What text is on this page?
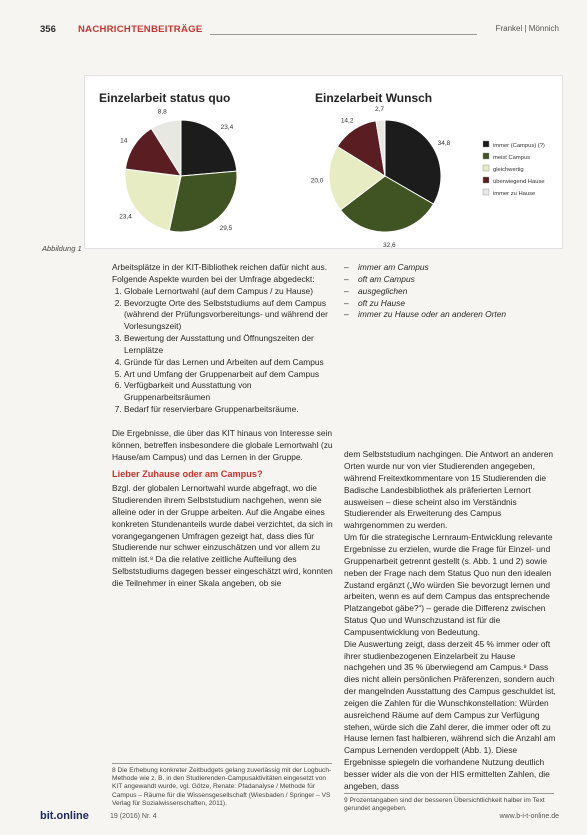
356 NACHRICHTENBEITRÄGE	Frankel | Mönnich
Einzelarbeit status quo
23,4
29,5
23,4
14
8,8
Einzelarbeit Wunsch
34,8
32,6
20,0
14,2
2,7
immer (Campus) (?)
meist Campus
gleichwertig
überwiegend Hause
immer zu Hause
Abbildung 1

Arbeitsplätze in der KIT-Bibliothek reichen dafür nicht aus.

Folgende Aspekte wurden bei der Umfrage abgedeckt:

1. Globale Lernortwahl (auf dem Campus / zu Hause)
2. Bevorzugte Orte des Selbststudiums auf dem Campus (während der Prüfungsvorbereitungs- und während der Vorlesungszeit)
3. Bewertung der Ausstattung und Öffnungszeiten der Lernplätze
4. Gründe für das Lernen und Arbeiten auf dem Campus
5. Art und Umfang der Gruppenarbeit auf dem Campus
6. Verfügbarkeit und Ausstattung von Gruppenarbeitsräumen
7. Bedarf für reservierbare Gruppenarbeitsräume.

Die Ergebnisse, die über das KIT hinaus von Interesse sein können, betreffen insbesondere die globale Lernortwahl (zu Hause/am Campus) und das Lernen in der Gruppe.

Lieber Zuhause oder am Campus?

Bzgl. der globalen Lernortwahl wurde abgefragt, wo die Studierenden ihrem Selbststudium nachgehen, wenn sie alleine oder in der Gruppe arbeiten. Auf die Angabe eines konkreten Stundenanteils wurde dabei verzichtet, da sich in vorangegangenen Umfragen gezeigt hat, dass dies für Studierende nur schwer einzuschätzen und vor allem zu mitteln ist.⁸ Da die relative zeitliche Aufteilung des Selbststudiums dagegen besser eingeschätzt wird, konnten die Teilnehmer in einer Skala angeben, ob sie

– immer am Campus
– oft am Campus
– ausgeglichen
– oft zu Hause
– immer zu Hause oder an anderen Orten

dem Selbststudium nachgingen. Die Antwort an anderen Orten wurde nur von vier Studierenden angegeben, während Freitextkommentare von 15 Studierenden die Badische Landesbibliothek als präferierten Lernort ausweisen – diese scheint also im Verständnis Studierender als Erweiterung des Campus wahrgenommen zu werden.

Um für die strategische Lernraum-Entwicklung relevante Ergebnisse zu erzielen, wurde die Frage für Einzel- und Gruppenarbeit getrennt gestellt (s. Abb. 1 und 2) sowie neben der Frage nach dem Status Quo nun den idealen Zustand ergänzt („Wo würden Sie bevorzugt lernen und arbeiten, wenn es auf dem Campus das entsprechende Platzangebot gäbe?“) – gerade die Differenz zwischen Status Quo und Wunschzustand ist für die Campusentwicklung von Bedeutung.

Die Auswertung zeigt, dass derzeit 45 % immer oder oft ihrer studienbezogenen Einzelarbeit zu Hause nachgehen und 35 % überwiegend am Campus.⁹ Dass dies nicht allein persönlichen Präferenzen, sondern auch der mangelnden Ausstattung des Campus geschuldet ist, zeigen die Zahlen für die Wunschkonstellation: Würden ausreichend Räume auf dem Campus zur Verfügung stehen, würde sich die Zahl derer, die immer oder oft zu Hause lernen fast halbieren, während sich die Anzahl am Campus Lernenden verdoppelt (Abb. 1). Diese Ergebnisse spiegeln die vorhandene Nutzung deutlich besser wider als die von der HIS ermittelten Zahlen, die angeben, dass

8 Die Erhebung konkreter Zeitbudgets gelang zuverlässig mit der Logbuch-Methode wie z. B. in den Studierenden-Campusaktivitäten eingesetzt von KIT angewandt wurde, vgl. Götze, Renate: Pfadanalyse / Methode für Campus – Räume für die Wissensgesellschaft (Wiesbaden / Springer – VS Verlag für Sozialwissenschaften, 2011).	9 Prozentangaben sind der besseren Übersichtlichkeit halber im Text gerundet angegeben.
bit.online	19 (2016) Nr. 4	www.b-i-t-online.de
